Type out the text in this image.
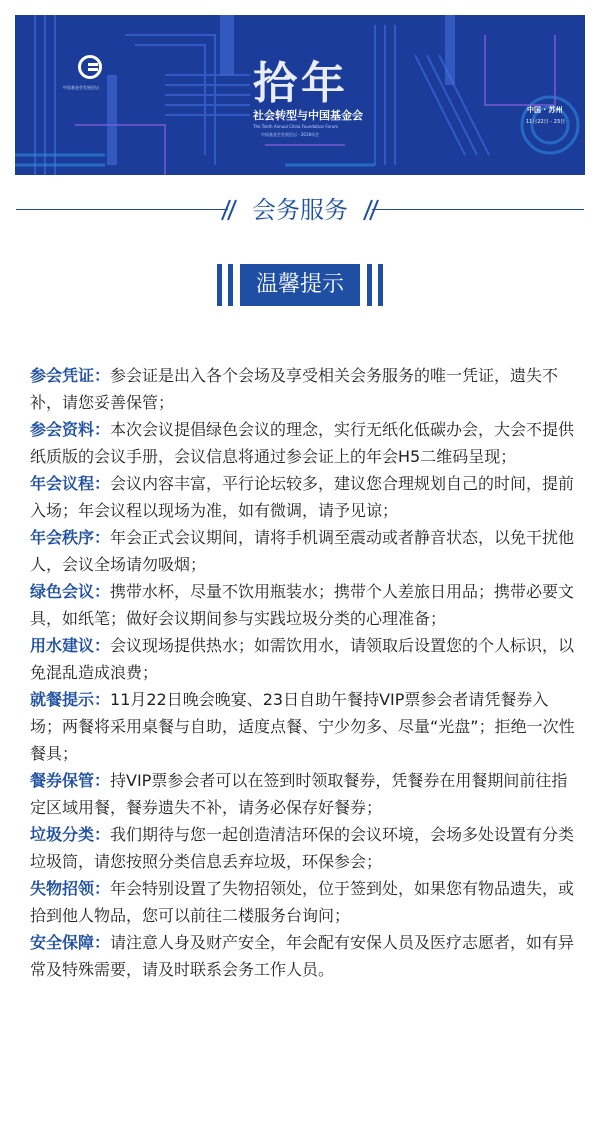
中国基金会发展论坛	拾年
社会转型与中国基金会
The Tenth Annual China Foundation Forum
中国基金会发展论坛 · 2018年会
中国 · 苏州
11月22日 - 23日
会务服务
温馨提示

参会凭证：参会证是出入各个会场及享受相关会务服务的唯一凭证，遗失不补，请您妥善保管；

参会资料：本次会议提倡绿色会议的理念，实行无纸化低碳办会，大会不提供纸质版的会议手册，会议信息将通过参会证上的年会H5二维码呈现；

年会议程：会议内容丰富，平行论坛较多，建议您合理规划自己的时间，提前入场；年会议程以现场为准，如有微调，请予见谅；

年会秩序：年会正式会议期间，请将手机调至震动或者静音状态，以免干扰他人，会议全场请勿吸烟；

绿色会议：携带水杯，尽量不饮用瓶装水；携带个人差旅日用品；携带必要文具，如纸笔；做好会议期间参与实践垃圾分类的心理准备；

用水建议：会议现场提供热水；如需饮用水，请领取后设置您的个人标识，以免混乱造成浪费；

就餐提示：11月22日晚会晚宴、23日自助午餐持VIP票参会者请凭餐券入场；两餐将采用桌餐与自助，适度点餐、宁少勿多、尽量“光盘”；拒绝一次性餐具；

餐券保管：持VIP票参会者可以在签到时领取餐券，凭餐券在用餐期间前往指定区域用餐，餐券遗失不补，请务必保存好餐券；

垃圾分类：我们期待与您一起创造清洁环保的会议环境，会场多处设置有分类垃圾筒，请您按照分类信息丢弃垃圾，环保参会；

失物招领：年会特别设置了失物招领处，位于签到处，如果您有物品遗失，或拾到他人物品，您可以前往二楼服务台询问；

安全保障：请注意人身及财产安全，年会配有安保人员及医疗志愿者，如有异常及特殊需要，请及时联系会务工作人员。
